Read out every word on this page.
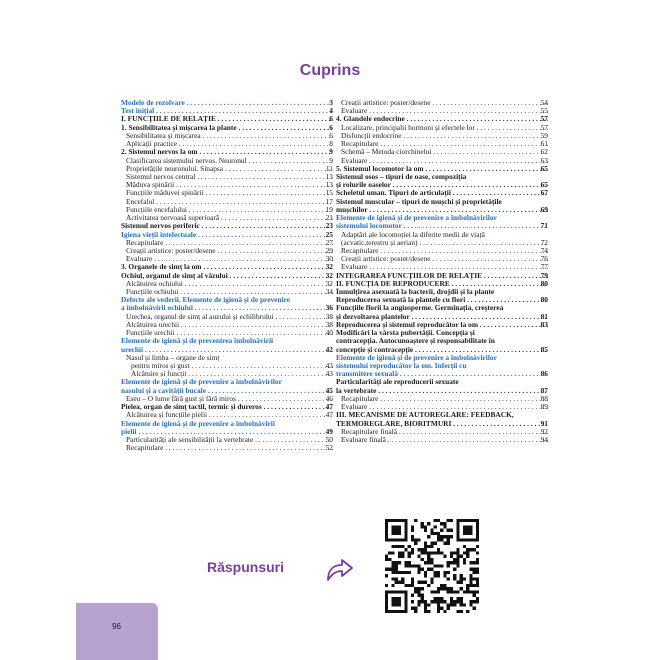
Cuprins
3
Modele de rezolvare . . .
4
Test inițial . . .
6
I. FUNCȚIILE DE RELAȚIE . . .
6
1. Sensibilitatea și mișcarea la plante . . .
6
Sensibilitatea și mișcarea . . .
8
Aplicații practice . . .
9
2. Sistemul nervos la om . . .
9
Clasificarea sistemului nervos. Neuronul . . .
11
Proprietățile neuronului. Sinapsa . . .
13
Sistemul nervos central . . .
13
Măduva spinării . . .
15
Funcțiile măduvei spinării . . .
17
Encefalul . . .
19
Funcțiile encefalului . . .
21
Activitatea nervoasă superioară . . .
23
Sistemul nervos periferic . . .
25
Igiena vieții intelectuale . . .
27
Recapitulare . . .
29
Creații artistice: poster/desene . . .
30
Evaluare . . .
32
3. Organele de simț la om . . .
32
Ochiul, organul de simț al văzului . . .
32
Alcătuirea ochiului . . .
34
Funcțiile ochiului . . .
Defecte ale vederii. Elemente de igienă și de prevenire
36
a îmbolnăvirii ochiului . . .
38
Urechea, organul de simț al auzului și echilibrului . . .
38
Alcătuirea urechii . . .
40
Funcțiile urechii . . .
Elemente de igienă și de prevenirea îmbolnăvirii
42
urechii . . .
Nasul și limba – organe de simț
43
pentru miros și gust . . .
43
Alcătuire și funcții . . .
Elemente de igienă și de prevenire a îmbolnăvirilor
45
nasului și a cavității bucale . . .
46
Eseu – O lume fără gust și fără miros . . .
47
Pielea, organ de simț tactil, termic și dureros . . .
47
Alcătuirea și funcțiile pielii . . .
Elemente de igienă și de prevenire a îmbolnăvirii
49
pielii . . .
50
Particularități ale sensibilității la vertebrate . . .
52
Recapitulare . . .
54
Creații artistice: poster/desene . . .
55
Evaluare . . .
57
4. Glandele endocrine . . .
57
Localizare, principalii hormoni și efectele lor . . .
59
Disfuncții endocrine . . .
61
Recapitulare . . .
62
Schemă – Metoda ciorchinelui . . .
63
Evaluare . . .
65
5. Sistemul locomotor la om . . .
Sistemul osos – tipuri de oase, compoziția
65
și rolurile oaselor . . .
67
Scheletul uman. Tipuri de articulații . . .
Sistemul muscular – tipuri de mușchi și proprietățile
69
mușchilor . . .
Elemente de igienă și de prevenire a îmbolnăvirilor
71
sistemului locomotor . . .
Adaptări ale locomoției la diferite medii de viață
72
(acvatic,terestru și aerian) . . .
74
Recapitulare . . .
76
Creații artistice: poster/desene . . .
77
Evaluare . . .
79
INTEGRAREA FUNCȚIILOR DE RELAȚIE . . .
80
II. FUNCȚIA DE REPRODUCERE . . .
Înmulțirea asexuată la bacterii, drojdii și la plante
80
Reproducerea sexuată la plantele cu flori . . .
Funcțiile florii la angiosperme. Germinația, creșterea
81
și dezvoltarea plantelor . . .
83
Reproducerea și sistemul reproducător la om . . .
Modificări la vârsta pubertății. Concepția și
contracepția. Autocunoaștere și responsabilitate în
85
concepție și contracepție . . .
Elemente de igienă și de prevenire a îmbolnăvirilor
sistemului reproducător la om. Infecții cu
86
transmitere sexuală . . .
Particularități ale reproducerii sexuate
87
la vertebrate . . .
88
Recapitulare . . .
89
Evaluare . . .
III. MECANISME DE AUTOREGLARE: FEEDBACK,
91
TERMOREGLARE, BIORITMURI . . .
92
Recapitulare finală . . .
94
Evaluare finală . . .
Răspunsuri
96
